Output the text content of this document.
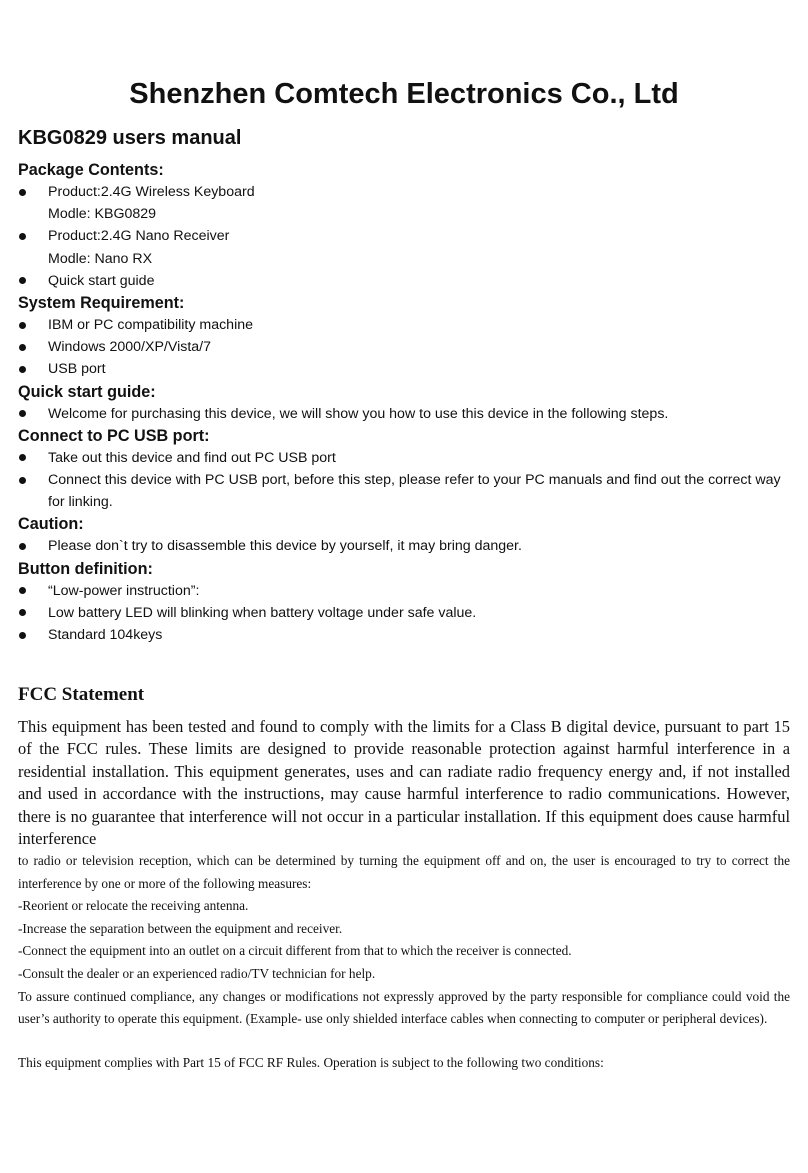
Shenzhen Comtech Electronics Co., Ltd
KBG0829 users manual
Package Contents:
Product:2.4G Wireless Keyboard
Modle: KBG0829
Product:2.4G Nano Receiver
Modle: Nano RX
Quick start guide
System Requirement:
IBM or PC compatibility machine
Windows 2000/XP/Vista/7
USB port
Quick start guide:
Welcome for purchasing this device, we will show you how to use this device in the following steps.
Connect to PC USB port:
Take out this device and find out PC USB port
Connect this device with PC USB port, before this step, please refer to your PC manuals and find out the correct way for linking.
Caution:
Please don`t try to disassemble this device by yourself, it may bring danger.
Button definition:
“Low-power instruction”:
Low battery LED will blinking when battery voltage under safe value.
Standard 104keys
FCC Statement

This equipment has been tested and found to comply with the limits for a Class B digital device, pursuant to part 15 of the FCC rules. These limits are designed to provide reasonable protection against harmful interference in a residential installation. This equipment generates, uses and can radiate radio frequency energy and, if not installed and used in accordance with the instructions, may cause harmful interference to radio communications. However, there is no guarantee that interference will not occur in a particular installation. If this equipment does cause harmful interference

to radio or television reception, which can be determined by turning the equipment off and on, the user is encouraged to try to correct the interference by one or more of the following measures:

-Reorient or relocate the receiving antenna.

-Increase the separation between the equipment and receiver.

-Connect the equipment into an outlet on a circuit different from that to which the receiver is connected.

-Consult the dealer or an experienced radio/TV technician for help.

To assure continued compliance, any changes or modifications not expressly approved by the party responsible for compliance could void the user’s authority to operate this equipment. (Example- use only shielded interface cables when connecting to computer or peripheral devices).

This equipment complies with Part 15 of FCC RF Rules. Operation is subject to the following two conditions:
